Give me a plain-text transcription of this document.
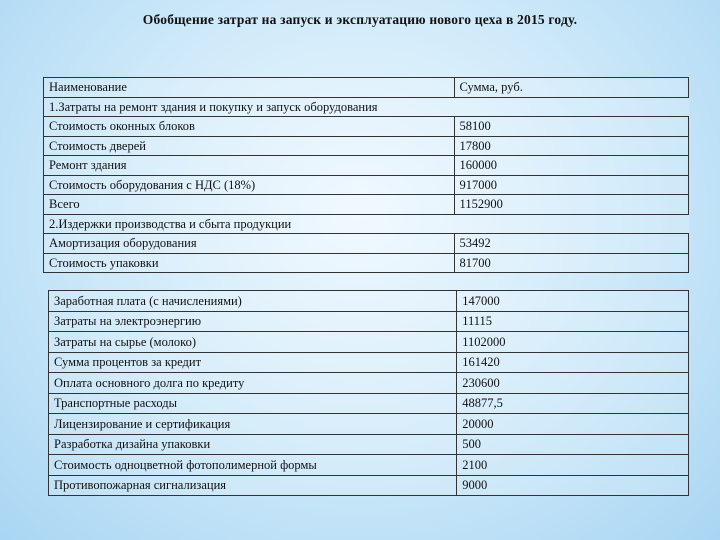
Обобщение затрат на запуск и эксплуатацию нового цеха в 2015 году.
Наименование	Сумма, руб.
1.Затраты на ремонт здания и покупку и запуск оборудования	
Стоимость оконных блоков	58100
Стоимость дверей	17800
Ремонт здания	160000
Стоимость оборудования с НДС (18%)	917000
Всего	1152900
2.Издержки производства и сбыта продукции	
Амортизация оборудования	53492
Стоимость упаковки	81700
Заработная плата (с начислениями)	147000
Затраты на электроэнергию	11115
Затраты на сырье (молоко)	1102000
Сумма процентов за кредит	161420
Оплата основного долга по кредиту	230600
Транспортные расходы	48877,5
Лицензирование и сертификация	20000
Разработка дизайна упаковки	500
Стоимость одноцветной фотополимерной формы	2100
Противопожарная сигнализация	9000
